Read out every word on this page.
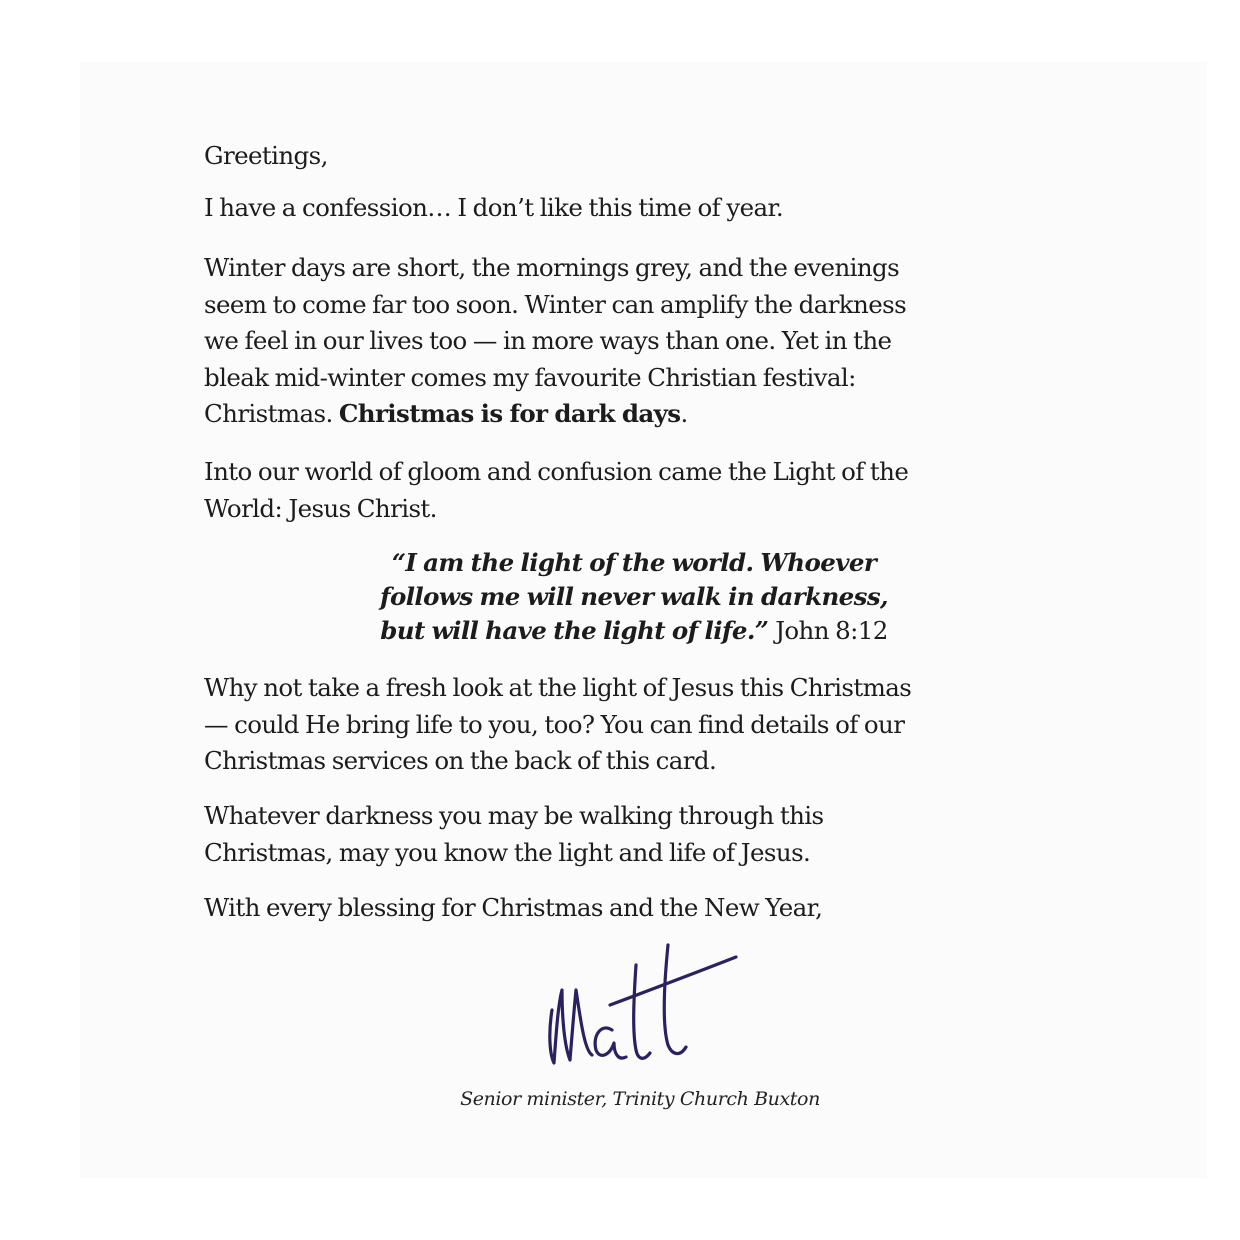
Greetings,

I have a confession… I don’t like this time of year.

Winter days are short, the mornings grey, and the evenings
seem to come far too soon. Winter can amplify the darkness
we feel in our lives too — in more ways than one. Yet in the
bleak mid-winter comes my favourite Christian festival:
Christmas. Christmas is for dark days.

Into our world of gloom and confusion came the Light of the
World: Jesus Christ.

“I am the light of the world. Whoever
follows me will never walk in darkness,
but will have the light of life.” John 8:12

Why not take a fresh look at the light of Jesus this Christmas
— could He bring life to you, too? You can find details of our
Christmas services on the back of this card.

Whatever darkness you may be walking through this
Christmas, may you know the light and life of Jesus.

With every blessing for Christmas and the New Year,

Senior minister, Trinity Church Buxton
